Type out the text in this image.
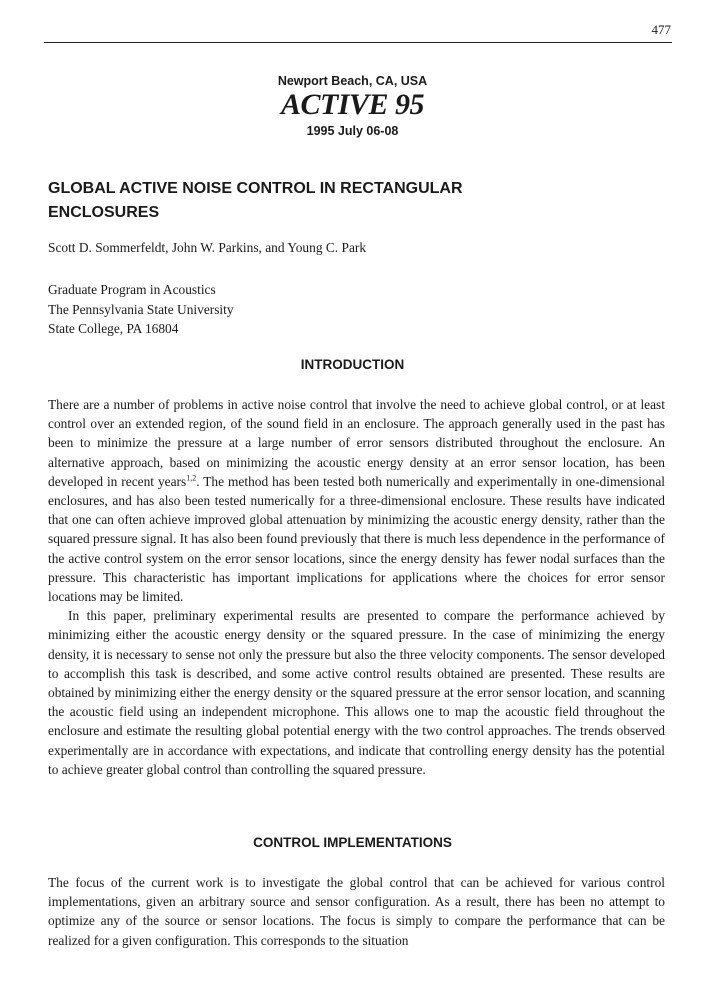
477
Newport Beach, CA, USA
ACTIVE 95
1995 July 06-08
GLOBAL ACTIVE NOISE CONTROL IN RECTANGULAR
ENCLOSURES
Scott D. Sommerfeldt, John W. Parkins, and Young C. Park
Graduate Program in Acoustics
The Pennsylvania State University
State College, PA 16804
INTRODUCTION

There are a number of problems in active noise control that involve the need to achieve global control, or at least control over an extended region, of the sound field in an enclosure. The approach generally used in the past has been to minimize the pressure at a large number of error sensors distributed throughout the enclosure. An alternative approach, based on minimizing the acoustic energy density at an error sensor location, has been developed in recent years$^{1,2}$. The method has been tested both numerically and experimentally in one-dimensional enclosures, and has also been tested numerically for a three-dimensional enclosure. These results have indicated that one can often achieve improved global attenuation by minimizing the acoustic energy density, rather than the squared pressure signal. It has also been found previously that there is much less dependence in the performance of the active control system on the error sensor locations, since the energy density has fewer nodal surfaces than the pressure. This characteristic has important implications for applications where the choices for error sensor locations may be limited.

In this paper, preliminary experimental results are presented to compare the performance achieved by minimizing either the acoustic energy density or the squared pressure. In the case of minimizing the energy density, it is necessary to sense not only the pressure but also the three velocity components. The sensor developed to accomplish this task is described, and some active control results obtained are presented. These results are obtained by minimizing either the energy density or the squared pressure at the error sensor location, and scanning the acoustic field using an independent microphone. This allows one to map the acoustic field throughout the enclosure and estimate the resulting global potential energy with the two control approaches. The trends observed experimentally are in accordance with expectations, and indicate that controlling energy density has the potential to achieve greater global control than controlling the squared pressure.

CONTROL IMPLEMENTATIONS

The focus of the current work is to investigate the global control that can be achieved for various control implementations, given an arbitrary source and sensor configuration. As a result, there has been no attempt to optimize any of the source or sensor locations. The focus is simply to compare the performance that can be realized for a given configuration. This corresponds to the situation
